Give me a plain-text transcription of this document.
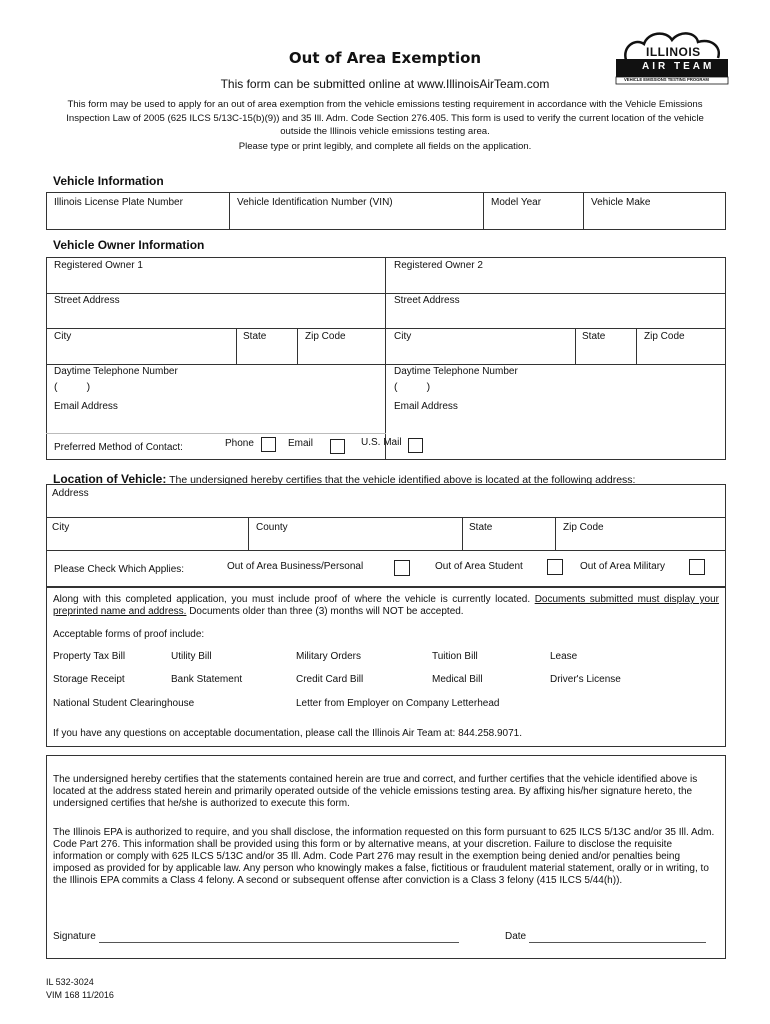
Out of Area Exemption
This form can be submitted online at www.IllinoisAirTeam.com
This form may be used to apply for an out of area exemption from the vehicle emissions testing requirement in accordance with the Vehicle Emissions Inspection Law of 2005 (625 ILCS 5/13C-15(b)(9)) and 35 Ill. Adm. Code Section 276.405. This form is used to verify the current location of the vehicle outside the Illinois vehicle emissions testing area.
Please type or print legibly, and complete all fields on the application.
ILLINOIS
AIR TEAM
VEHICLE EMISSIONS TESTING PROGRAM
Vehicle Information
Illinois License Plate Number	Vehicle Identification Number (VIN)	Model Year	Vehicle Make
Vehicle Owner Information
Registered Owner 1	Registered Owner 2
Street Address	Street Address
City	State	Zip Code	City	State	Zip Code
Daytime Telephone Number
(          )
Daytime Telephone Number
(          )
Email Address	Email Address
Preferred Method of Contact:	Phone	Email	U.S. Mail
Location of Vehicle: The undersigned hereby certifies that the vehicle identified above is located at the following address:
Address
City	County	State	Zip Code
Please Check Which Applies:	Out of Area Business/Personal	Out of Area Student	Out of Area Military
Along with this completed application, you must include proof of where the vehicle is currently located. Documents submitted must display your preprinted name and address. Documents older than three (3) months will NOT be accepted.
Acceptable forms of proof include:
Property Tax Bill	Utility Bill	Military Orders	Tuition Bill	Lease
Storage Receipt	Bank Statement	Credit Card Bill	Medical Bill	Driver's License
National Student Clearinghouse	Letter from Employer on Company Letterhead
If you have any questions on acceptable documentation, please call the Illinois Air Team at: 844.258.9071.
The undersigned hereby certifies that the statements contained herein are true and correct, and further certifies that the vehicle identified above is located at the address stated herein and primarily operated outside of the vehicle emissions testing area. By affixing his/her signature hereto, the undersigned certifies that he/she is authorized to execute this form.
The Illinois EPA is authorized to require, and you shall disclose, the information requested on this form pursuant to 625 ILCS 5/13C and/or 35 Ill. Adm. Code Part 276. This information shall be provided using this form or by alternative means, at your discretion. Failure to disclose the requisite information or comply with 625 ILCS 5/13C and/or 35 Ill. Adm. Code Part 276 may result in the exemption being denied and/or penalties being imposed as provided for by applicable law. Any person who knowingly makes a false, fictitious or fraudulent material statement, orally or in writing, to the Illinois EPA commits a Class 4 felony. A second or subsequent offense after conviction is a Class 3 felony (415 ILCS 5/44(h)).
Signature	Date
IL 532-3024
VIM 168 11/2016
